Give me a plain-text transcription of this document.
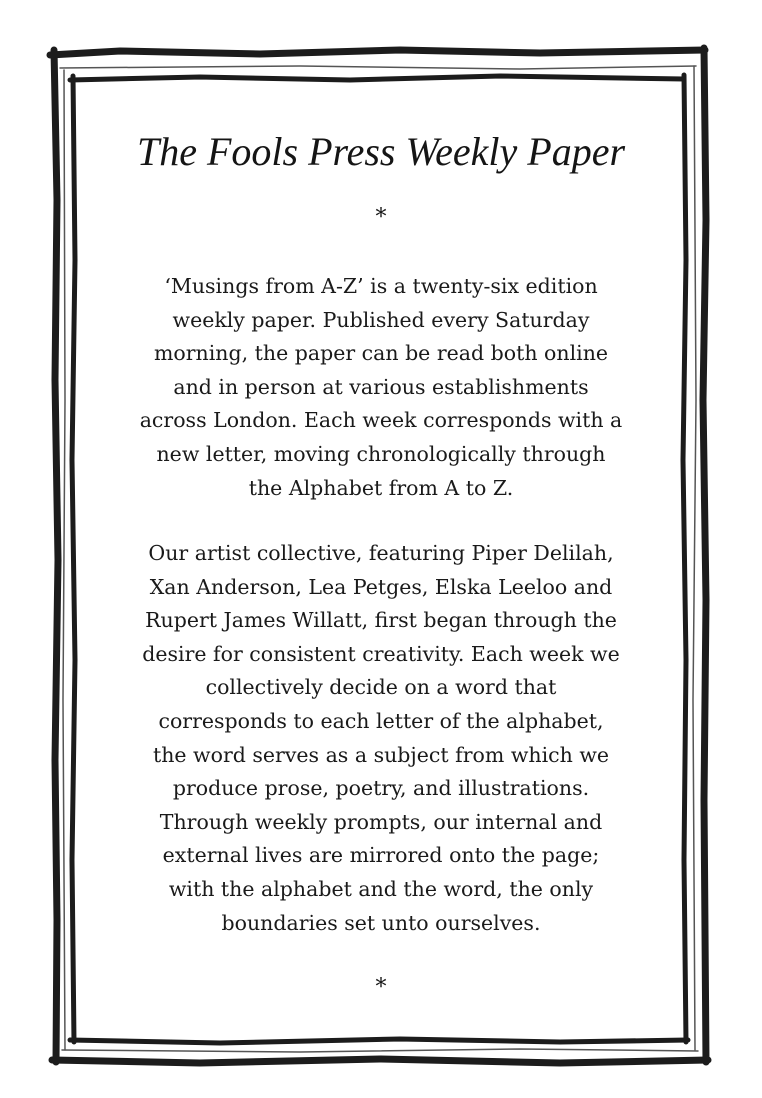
The Fools Press Weekly Paper
*
‘Musings from A-Z’ is a twenty-six edition
weekly paper. Published every Saturday
morning, the paper can be read both online
and in person at various establishments
across London. Each week corresponds with a
new letter, moving chronologically through
the Alphabet from A to Z.
Our artist collective, featuring Piper Delilah,
Xan Anderson, Lea Petges, Elska Leeloo and
Rupert James Willatt, first began through the
desire for consistent creativity. Each week we
collectively decide on a word that
corresponds to each letter of the alphabet,
the word serves as a subject from which we
produce prose, poetry, and illustrations.
Through weekly prompts, our internal and
external lives are mirrored onto the page;
with the alphabet and the word, the only
boundaries set unto ourselves.
*
